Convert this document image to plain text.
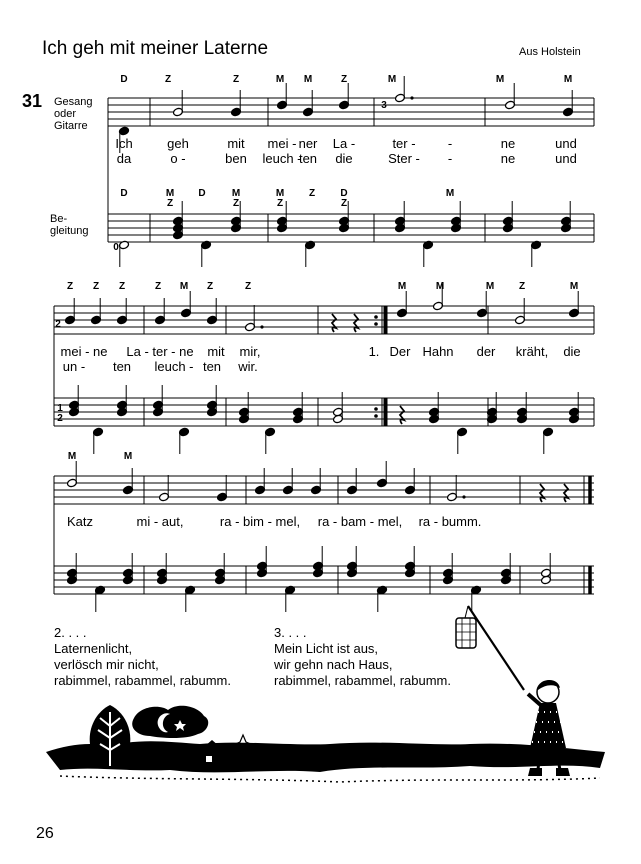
Ich geh mit meiner Laterne	Aus Holstein
31 Gesang
oder
Gitarre
Be-
gleitung
D	Z	Z	M M	Z	M	M	M
D	M D	M	M Z	D	M
Z	Z	Z	Z
Z Z Z	Z M Z	Z	M	M	M Z	M
M	M
Ich	geh	mit mei - ner La -	ter - -	ne	und
da	o -	ben leuch -
ten die	Ster - -	ne	und
mei - ne La - ter - ne mit mir,	1. Der Hahn der kräht, die
un - ten leuch - ten wir.
Katz	mi - aut,	ra - bim - mel, ra - bam - mel, ra - bumm.
3
0
2
1
2
2. . . .
Laternenlicht,
verlösch mir nicht,
rabimmel, rabammel, rabumm.
3. . . .
Mein Licht ist aus,
wir gehn nach Haus,
rabimmel, rabammel, rabumm.
26
